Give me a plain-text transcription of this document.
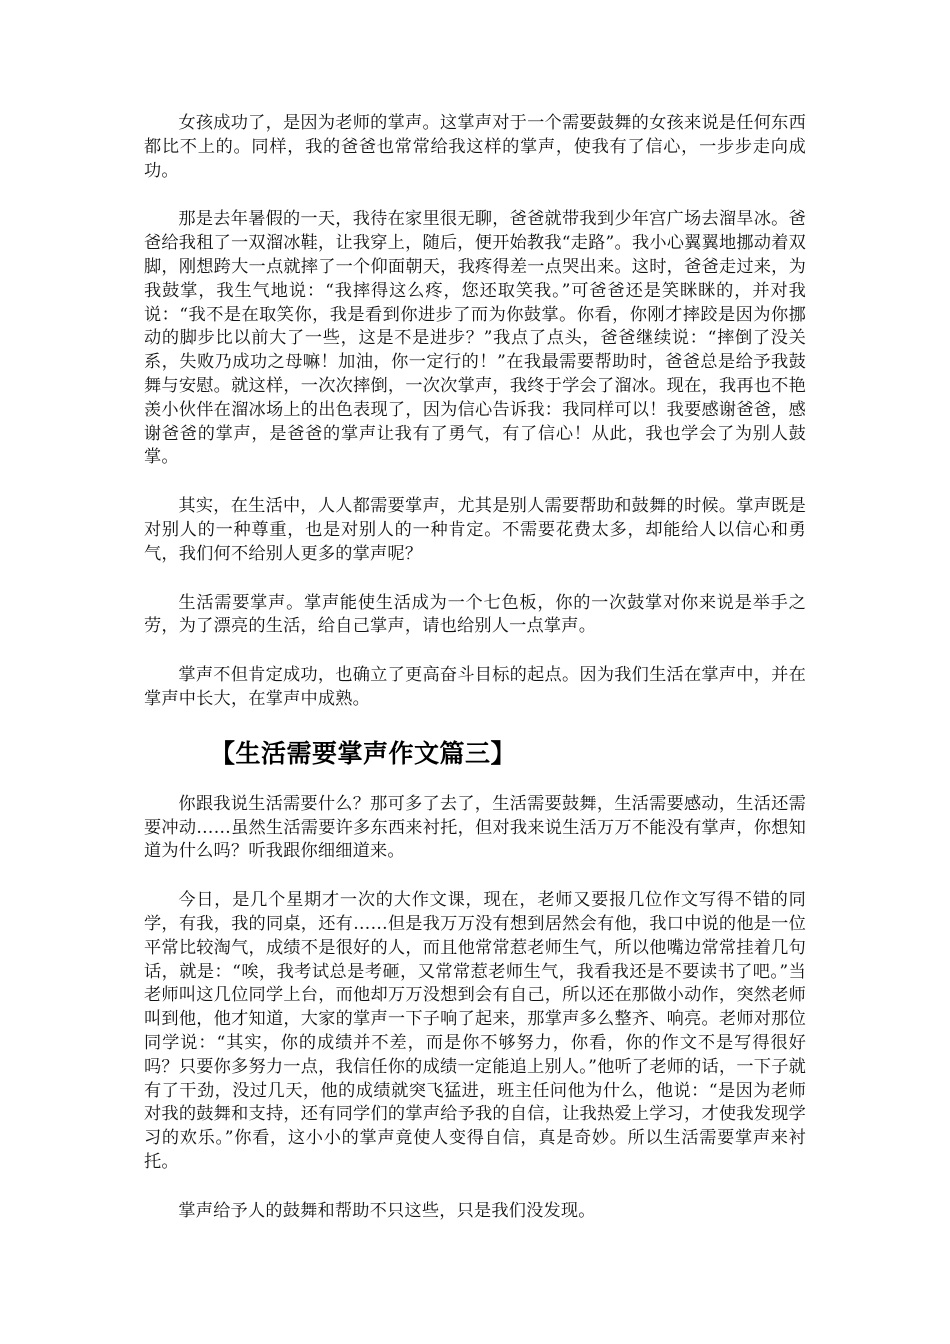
女孩成功了，是因为老师的掌声。这掌声对于一个需要鼓舞的女孩来说是任何东西都比不上的。同样，我的爸爸也常常给我这样的掌声，使我有了信心，一步步走向成功。

那是去年暑假的一天，我待在家里很无聊，爸爸就带我到少年宫广场去溜旱冰。爸爸给我租了一双溜冰鞋，让我穿上，随后，便开始教我“走路”。我小心翼翼地挪动着双脚，刚想跨大一点就摔了一个仰面朝天，我疼得差一点哭出来。这时，爸爸走过来，为我鼓掌，我生气地说：“我摔得这么疼，您还取笑我。”可爸爸还是笑眯眯的，并对我说：“我不是在取笑你，我是看到你进步了而为你鼓掌。你看，你刚才摔跤是因为你挪动的脚步比以前大了一些，这是不是进步？”我点了点头，爸爸继续说：“摔倒了没关系，失败乃成功之母嘛！加油，你一定行的！”在我最需要帮助时，爸爸总是给予我鼓舞与安慰。就这样，一次次摔倒，一次次掌声，我终于学会了溜冰。现在，我再也不艳羡小伙伴在溜冰场上的出色表现了，因为信心告诉我：我同样可以！我要感谢爸爸，感谢爸爸的掌声，是爸爸的掌声让我有了勇气，有了信心！从此，我也学会了为别人鼓掌。

其实，在生活中，人人都需要掌声，尤其是别人需要帮助和鼓舞的时候。掌声既是对别人的一种尊重，也是对别人的一种肯定。不需要花费太多，却能给人以信心和勇气，我们何不给别人更多的掌声呢？

生活需要掌声。掌声能使生活成为一个七色板，你的一次鼓掌对你来说是举手之劳，为了漂亮的生活，给自己掌声，请也给别人一点掌声。

掌声不但肯定成功，也确立了更高奋斗目标的起点。因为我们生活在掌声中，并在掌声中长大，在掌声中成熟。

【生活需要掌声作文篇三】

你跟我说生活需要什么？那可多了去了，生活需要鼓舞，生活需要感动，生活还需要冲动……虽然生活需要许多东西来衬托，但对我来说生活万万不能没有掌声，你想知道为什么吗？听我跟你细细道来。

今日，是几个星期才一次的大作文课，现在，老师又要报几位作文写得不错的同学，有我，我的同桌，还有……但是我万万没有想到居然会有他，我口中说的他是一位平常比较淘气，成绩不是很好的人，而且他常常惹老师生气，所以他嘴边常常挂着几句话，就是：“唉，我考试总是考砸，又常常惹老师生气，我看我还是不要读书了吧。”当老师叫这几位同学上台，而他却万万没想到会有自己，所以还在那做小动作，突然老师叫到他，他才知道，大家的掌声一下子响了起来，那掌声多么整齐、响亮。老师对那位同学说：“其实，你的成绩并不差，而是你不够努力，你看，你的作文不是写得很好吗？只要你多努力一点，我信任你的成绩一定能追上别人。”他听了老师的话，一下子就有了干劲，没过几天，他的成绩就突飞猛进，班主任问他为什么，他说：“是因为老师对我的鼓舞和支持，还有同学们的掌声给予我的自信，让我热爱上学习，才使我发现学习的欢乐。”你看，这小小的掌声竟使人变得自信，真是奇妙。所以生活需要掌声来衬托。

掌声给予人的鼓舞和帮助不只这些，只是我们没发现。
